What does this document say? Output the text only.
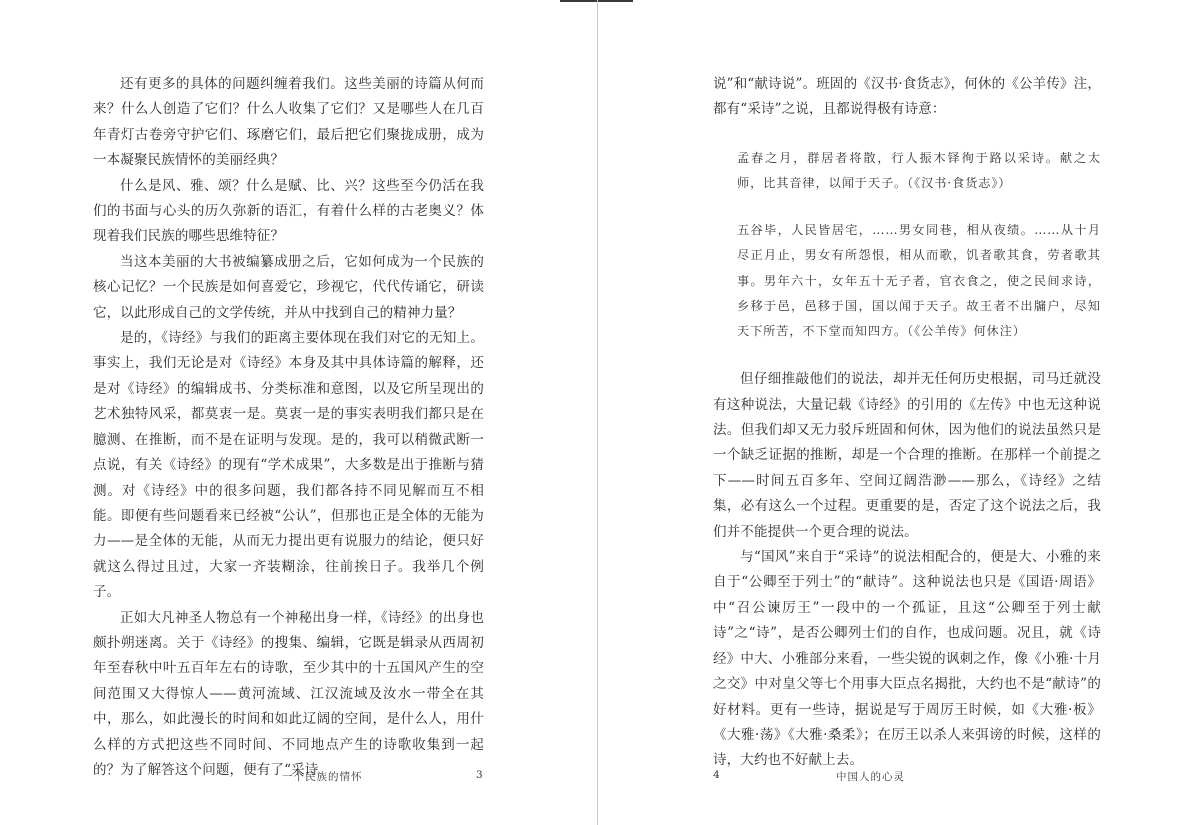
还有更多的具体的问题纠缠着我们。这些美丽的诗篇从何而来？什么人创造了它们？什么人收集了它们？又是哪些人在几百年青灯古卷旁守护它们、琢磨它们，最后把它们聚拢成册，成为一本凝聚民族情怀的美丽经典？

什么是风、雅、颂？什么是赋、比、兴？这些至今仍活在我们的书面与心头的历久弥新的语汇，有着什么样的古老奥义？体现着我们民族的哪些思维特征？

当这本美丽的大书被编纂成册之后，它如何成为一个民族的核心记忆？一个民族是如何喜爱它，珍视它，代代传诵它，研读它，以此形成自己的文学传统，并从中找到自己的精神力量？

是的，《诗经》与我们的距离主要体现在我们对它的无知上。事实上，我们无论是对《诗经》本身及其中具体诗篇的解释，还是对《诗经》的编辑成书、分类标准和意图，以及它所呈现出的艺术独特风采，都莫衷一是。莫衷一是的事实表明我们都只是在臆测、在推断，而不是在证明与发现。是的，我可以稍微武断一点说，有关《诗经》的现有“学术成果”，大多数是出于推断与猜测。对《诗经》中的很多问题，我们都各持不同见解而互不相能。即便有些问题看来已经被“公认”，但那也正是全体的无能为力——是全体的无能，从而无力提出更有说服力的结论，便只好就这么得过且过，大家一齐装糊涂，往前挨日子。我举几个例子。

正如大凡神圣人物总有一个神秘出身一样，《诗经》的出身也颇扑朔迷离。关于《诗经》的搜集、编辑，它既是辑录从西周初年至春秋中叶五百年左右的诗歌，至少其中的十五国风产生的空间范围又大得惊人——黄河流域、江汉流域及汝水一带全在其中，那么，如此漫长的时间和如此辽阔的空间，是什么人，用什么样的方式把这些不同时间、不同地点产生的诗歌收集到一起的？为了解答这个问题，便有了“采诗

一个民族的情怀	3

说”和“献诗说”。班固的《汉书·食货志》，何休的《公羊传》注，都有“采诗”之说，且都说得极有诗意：

孟春之月，群居者将散，行人振木铎徇于路以采诗。献之太师，比其音律，以闻于天子。（《汉书·食货志》）

五谷毕，人民皆居宅，……男女同巷，相从夜绩。……从十月尽正月止，男女有所怨恨，相从而歌，饥者歌其食，劳者歌其事。男年六十，女年五十无子者，官衣食之，使之民间求诗，乡移于邑，邑移于国，国以闻于天子。故王者不出牖户，尽知天下所苦，不下堂而知四方。（《公羊传》何休注）

但仔细推敲他们的说法，却并无任何历史根据，司马迁就没有这种说法，大量记载《诗经》的引用的《左传》中也无这种说法。但我们却又无力驳斥班固和何休，因为他们的说法虽然只是一个缺乏证据的推断，却是一个合理的推断。在那样一个前提之下——时间五百多年、空间辽阔浩渺——那么，《诗经》之结集，必有这么一个过程。更重要的是，否定了这个说法之后，我们并不能提供一个更合理的说法。

与“国风”来自于“采诗”的说法相配合的，便是大、小雅的来自于“公卿至于列士”的“献诗”。这种说法也只是《国语·周语》中“召公谏厉王”一段中的一个孤证，且这“公卿至于列士献诗”之“诗”，是否公卿列士们的自作，也成问题。况且，就《诗经》中大、小雅部分来看，一些尖锐的讽刺之作，像《小雅·十月之交》中对皇父等七个用事大臣点名揭批，大约也不是“献诗”的好材料。更有一些诗，据说是写于周厉王时候，如《大雅·板》《大雅·荡》《大雅·桑柔》；在厉王以杀人来弭谤的时候，这样的诗，大约也不好献上去。

4	中国人的心灵
